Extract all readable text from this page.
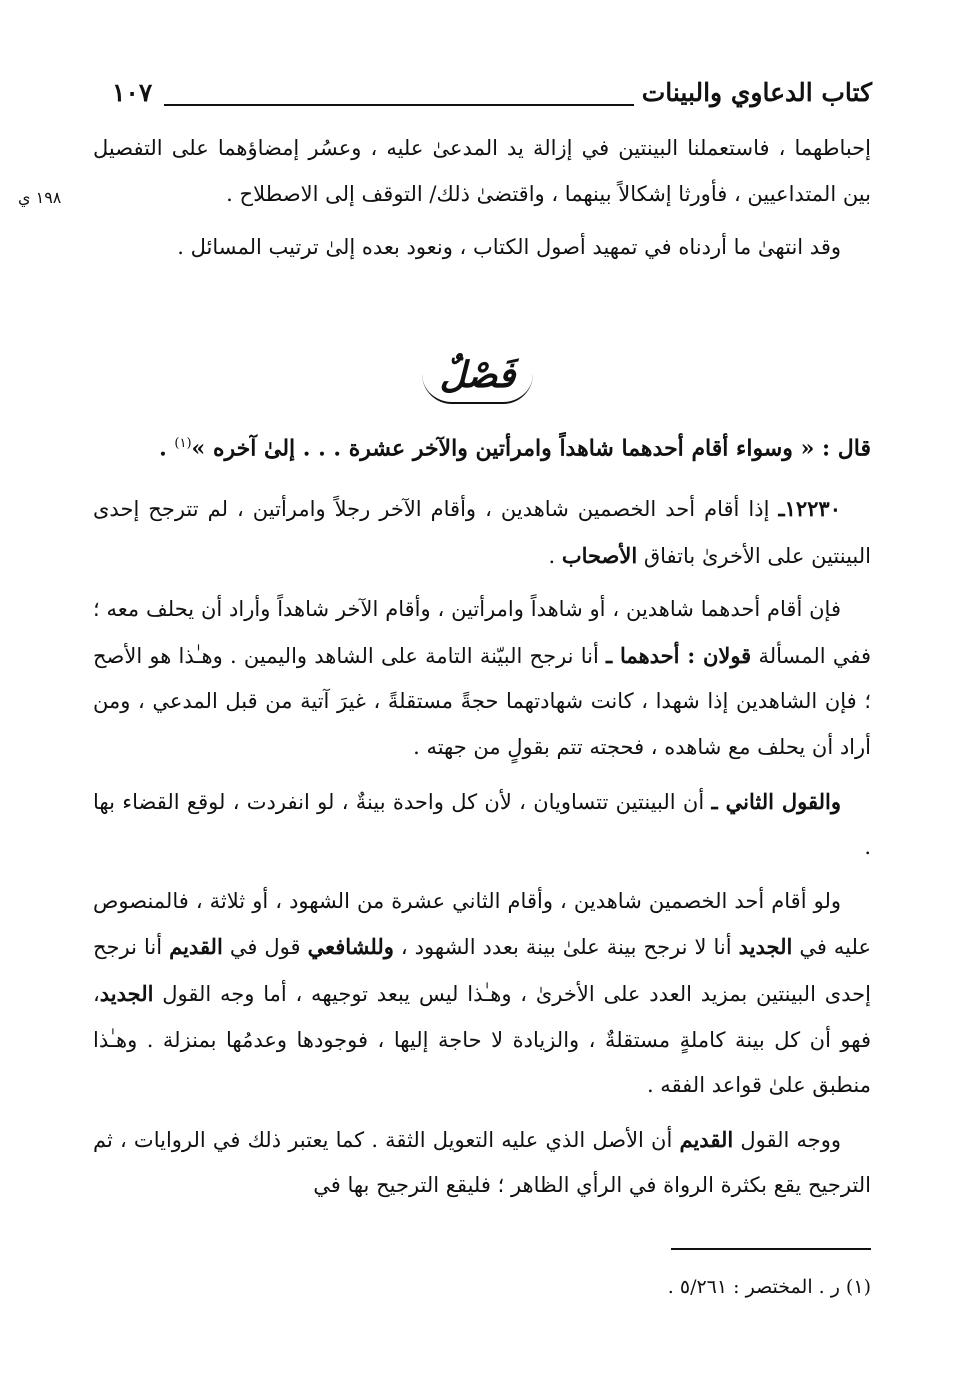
كتاب الدعاوي والبينات
١٠٧
١٩٨ ي

إحباطهما ، فاستعملنا البينتين في إزالة يد المدعىٰ عليه ، وعسُر إمضاؤهما على التفصيل بين المتداعيين ، فأورثا إشكالاً بينهما ، واقتضىٰ ذلك/ التوقف إلى الاصطلاح .

وقد انتهىٰ ما أردناه في تمهيد أصول الكتاب ، ونعود بعده إلىٰ ترتيب المسائل .

فَصْلٌ
قال : « وسواء أقام أحدهما شاهداً وامرأتين والآخر عشرة . . . إلىٰ آخره »$^{(١)}$ .

١٢٢٣٠ـ إذا أقام أحد الخصمين شاهدين ، وأقام الآخر رجلاً وامرأتين ، لم تترجح إحدى البينتين على الأخرىٰ باتفاق الأصحاب .

فإن أقام أحدهما شاهدين ، أو شاهداً وامرأتين ، وأقام الآخر شاهداً وأراد أن يحلف معه ؛ ففي المسألة قولان : أحدهما ـ أنا نرجح البيّنة التامة على الشاهد واليمين . وهـٰذا هو الأصح ؛ فإن الشاهدين إذا شهدا ، كانت شهادتهما حجةً مستقلةً ، غيرَ آتية من قبل المدعي ، ومن أراد أن يحلف مع شاهده ، فحجته تتم بقولٍ من جهته .

والقول الثاني ـ أن البينتين تتساويان ، لأن كل واحدة بينةٌ ، لو انفردت ، لوقع القضاء بها .

ولو أقام أحد الخصمين شاهدين ، وأقام الثاني عشرة من الشهود ، أو ثلاثة ، فالمنصوص عليه في الجديد أنا لا نرجح بينة علىٰ بينة بعدد الشهود ، وللشافعي قول في القديم أنا نرجح إحدى البينتين بمزيد العدد على الأخرىٰ ، وهـٰذا ليس يبعد توجيهه ، أما وجه القول الجديد، فهو أن كل بينة كاملةٍ مستقلةٌ ، والزيادة لا حاجة إليها ، فوجودها وعدمُها بمنزلة . وهـٰذا منطبق علىٰ قواعد الفقه .

ووجه القول القديم أن الأصل الذي عليه التعويل الثقة . كما يعتبر ذلك في الروايات ، ثم الترجيح يقع بكثرة الرواة في الرأي الظاهر ؛ فليقع الترجيح بها في

(١) ر . المختصر : ٥/٢٦١ .
